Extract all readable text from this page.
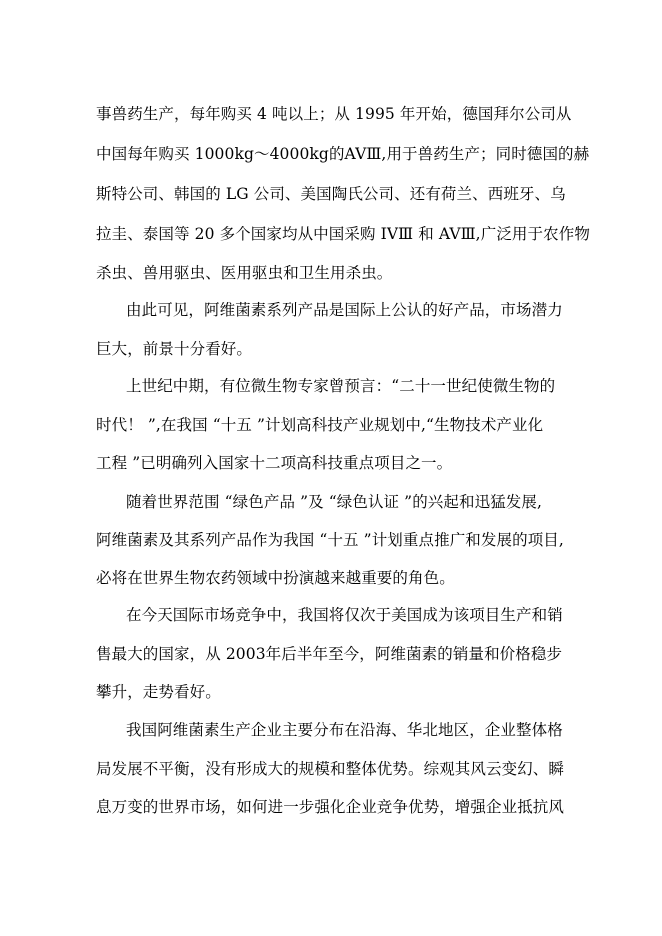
事兽药生产，每年购买 4 吨以上；从 1995 年开始，德国拜尔公司从
中国每年购买 1000kg～4000kg的AVⅢ,用于兽药生产；同时德国的赫
斯特公司、韩国的 LG 公司、美国陶氏公司、还有荷兰、西班牙、乌
拉圭、泰国等 20 多个国家均从中国采购 IVⅢ 和 AVⅢ,广泛用于农作物
杀虫、兽用驱虫、医用驱虫和卫生用杀虫。
由此可见，阿维菌素系列产品是国际上公认的好产品，市场潜力
巨大，前景十分看好。
上世纪中期，有位微生物专家曾预言：“二十一世纪使微生物的
时代！ ”,在我国 “十五 ”计划高科技产业规划中,“生物技术产业化
工程 ”已明确列入国家十二项高科技重点项目之一。
随着世界范围 “绿色产品 ”及 “绿色认证 ”的兴起和迅猛发展,
阿维菌素及其系列产品作为我国 “十五 ”计划重点推广和发展的项目,
必将在世界生物农药领域中扮演越来越重要的角色。
在今天国际市场竞争中，我国将仅次于美国成为该项目生产和销
售最大的国家，从 2003年后半年至今，阿维菌素的销量和价格稳步
攀升，走势看好。
我国阿维菌素生产企业主要分布在沿海、华北地区，企业整体格
局发展不平衡，没有形成大的规模和整体优势。综观其风云变幻、瞬
息万变的世界市场，如何进一步强化企业竞争优势，增强企业抵抗风
